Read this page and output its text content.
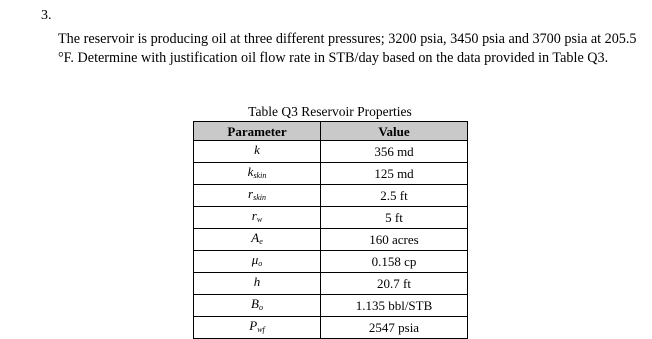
3.

The reservoir is producing oil at three different pressures; 3200 psia, 3450 psia and 3700 psia at 205.5

°F. Determine with justification oil flow rate in STB/day based on the data provided in Table Q3.

Table Q3 Reservoir Properties
Parameter	Value
k	356 md
$k_{skin}$	125 md
$r_{skin}$	2.5 ft
$r_w$	5 ft
$A_e$	160 acres
$\mu_o$	0.158 cp
h	20.7 ft
$B_o$	1.135 bbl/STB
$P_{wf}$	2547 psia
